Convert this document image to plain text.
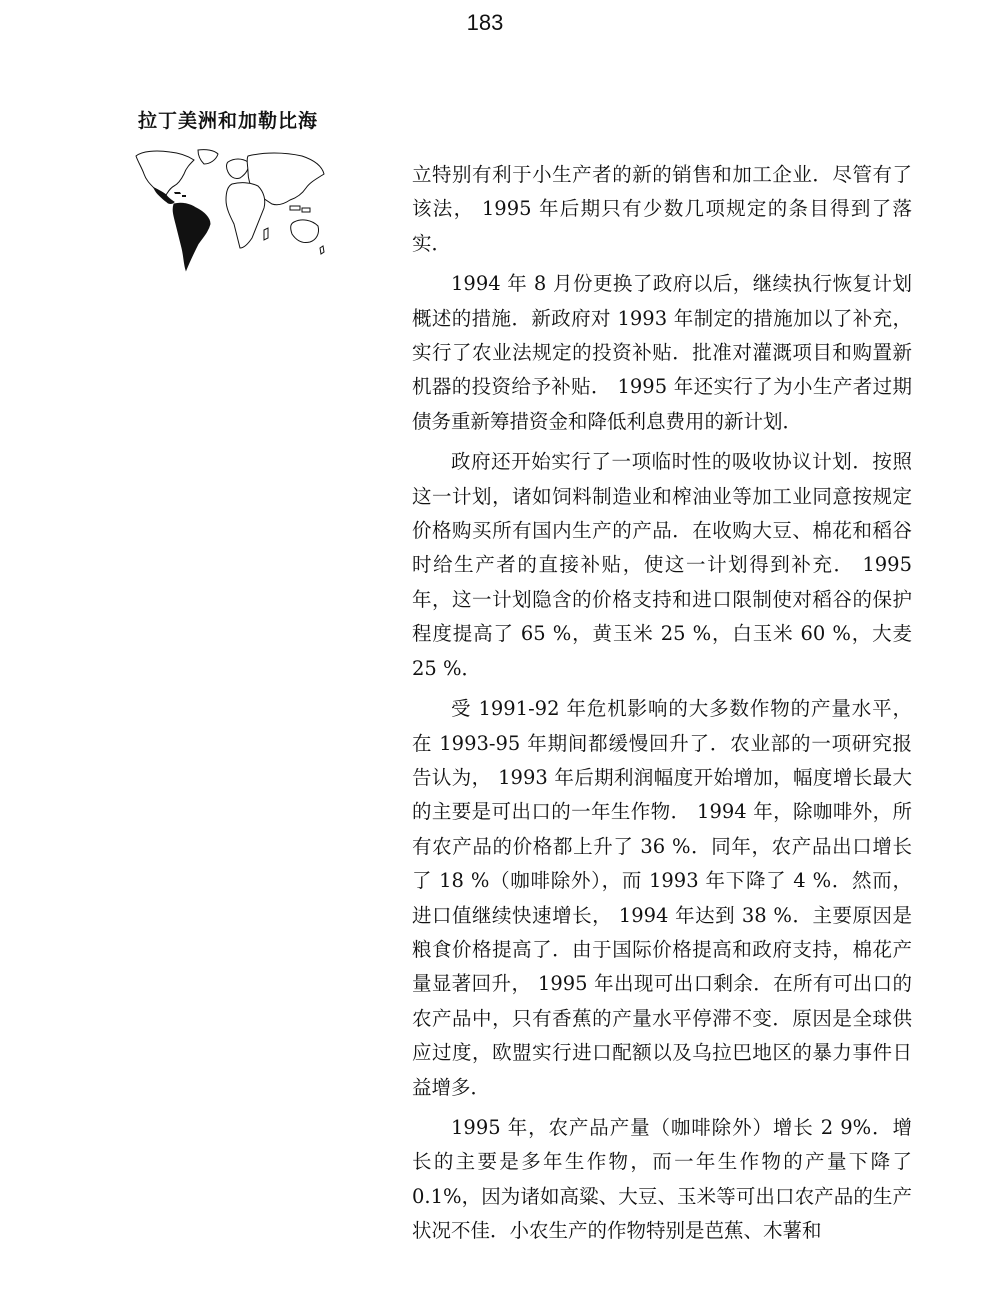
183
拉丁美洲和加勒比海

立特别有利于小生产者的新的销售和加工企业．尽管有了该法， 1995 年后期只有少数几项规定的条目得到了落实．

1994 年 8 月份更换了政府以后，继续执行恢复计划概述的措施．新政府对 1993 年制定的措施加以了补充，实行了农业法规定的投资补贴．批准对灌溉项目和购置新机器的投资给予补贴． 1995 年还实行了为小生产者过期债务重新筹措资金和降低利息费用的新计划．

政府还开始实行了一项临时性的吸收协议计划．按照这一计划，诸如饲料制造业和榨油业等加工业同意按规定价格购买所有国内生产的产品．在收购大豆、棉花和稻谷时给生产者的直接补贴，使这一计划得到补充． 1995 年，这一计划隐含的价格支持和进口限制使对稻谷的保护程度提高了 65 %，黄玉米 25 %，白玉米 60 %，大麦 25 %．

受 1991-92 年危机影响的大多数作物的产量水平，在 1993-95 年期间都缓慢回升了．农业部的一项研究报告认为， 1993 年后期利润幅度开始增加，幅度增长最大的主要是可出口的一年生作物． 1994 年，除咖啡外，所有农产品的价格都上升了 36 %．同年，农产品出口增长了 18 %（咖啡除外），而 1993 年下降了 4 %．然而，进口值继续快速增长， 1994 年达到 38 %．主要原因是粮食价格提高了．由于国际价格提高和政府支持，棉花产量显著回升， 1995 年出现可出口剩余．在所有可出口的农产品中，只有香蕉的产量水平停滞不变．原因是全球供应过度，欧盟实行进口配额以及乌拉巴地区的暴力事件日益增多．

1995 年，农产品产量（咖啡除外）增长 2 9%．增长的主要是多年生作物，而一年生作物的产量下降了 0.1%，因为诸如高粱、大豆、玉米等可出口农产品的生产状况不佳．小农生产的作物特别是芭蕉、木薯和
